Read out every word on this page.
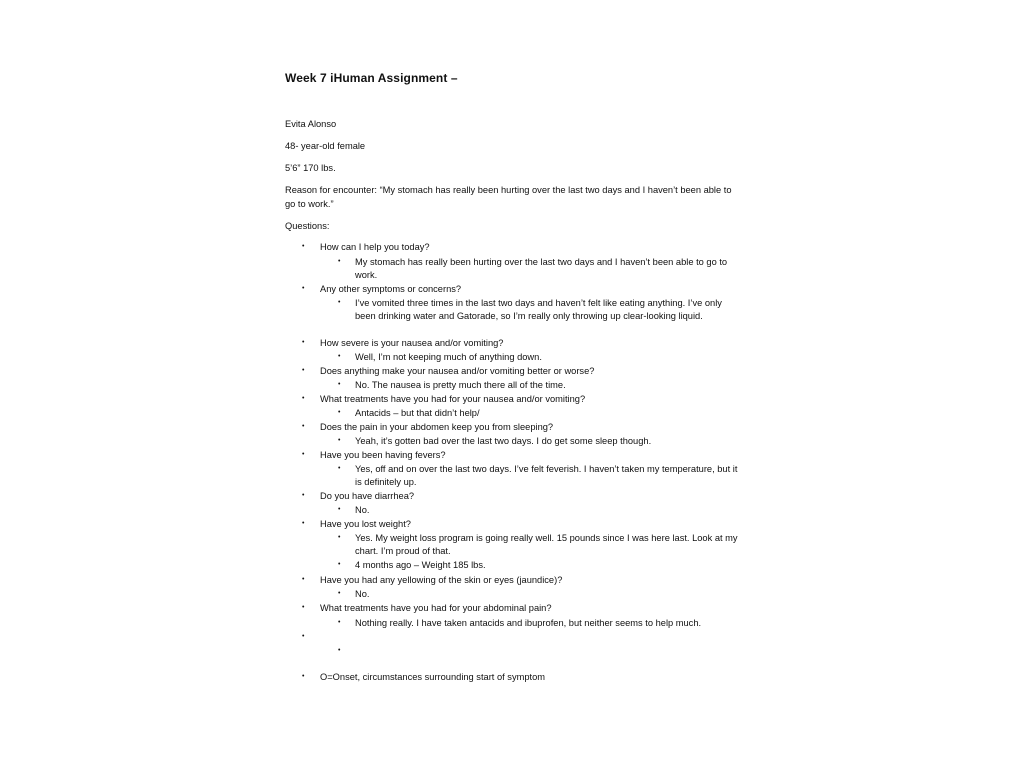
Week 7 iHuman Assignment –
Evita Alonso
48- year-old female
5’6” 170 lbs.
Reason for encounter: “My stomach has really been hurting over the last two days and I haven’t been able to go to work.”
Questions:
• How can I help you today?
• My stomach has really been hurting over the last two days and I haven’t been able to go to work.
• Any other symptoms or concerns?
• I’ve vomited three times in the last two days and haven’t felt like eating anything. I’ve only been drinking water and Gatorade, so I’m really only throwing up clear-looking liquid.
• How severe is your nausea and/or vomiting?
• Well, I’m not keeping much of anything down.
• Does anything make your nausea and/or vomiting better or worse?
• No. The nausea is pretty much there all of the time.
• What treatments have you had for your nausea and/or vomiting?
• Antacids – but that didn’t help/
• Does the pain in your abdomen keep you from sleeping?
• Yeah, it’s gotten bad over the last two days. I do get some sleep though.
• Have you been having fevers?
• Yes, off and on over the last two days. I’ve felt feverish. I haven’t taken my temperature, but it is definitely up.
• Do you have diarrhea?
• No.
• Have you lost weight?
• Yes. My weight loss program is going really well. 15 pounds since I was here last. Look at my chart. I’m proud of that.
• 4 months ago – Weight 185 lbs.
• Have you had any yellowing of the skin or eyes (jaundice)?
• No.
• What treatments have you had for your abdominal pain?
• Nothing really. I have taken antacids and ibuprofen, but neither seems to help much.
•
•
• O=Onset, circumstances surrounding start of symptom
